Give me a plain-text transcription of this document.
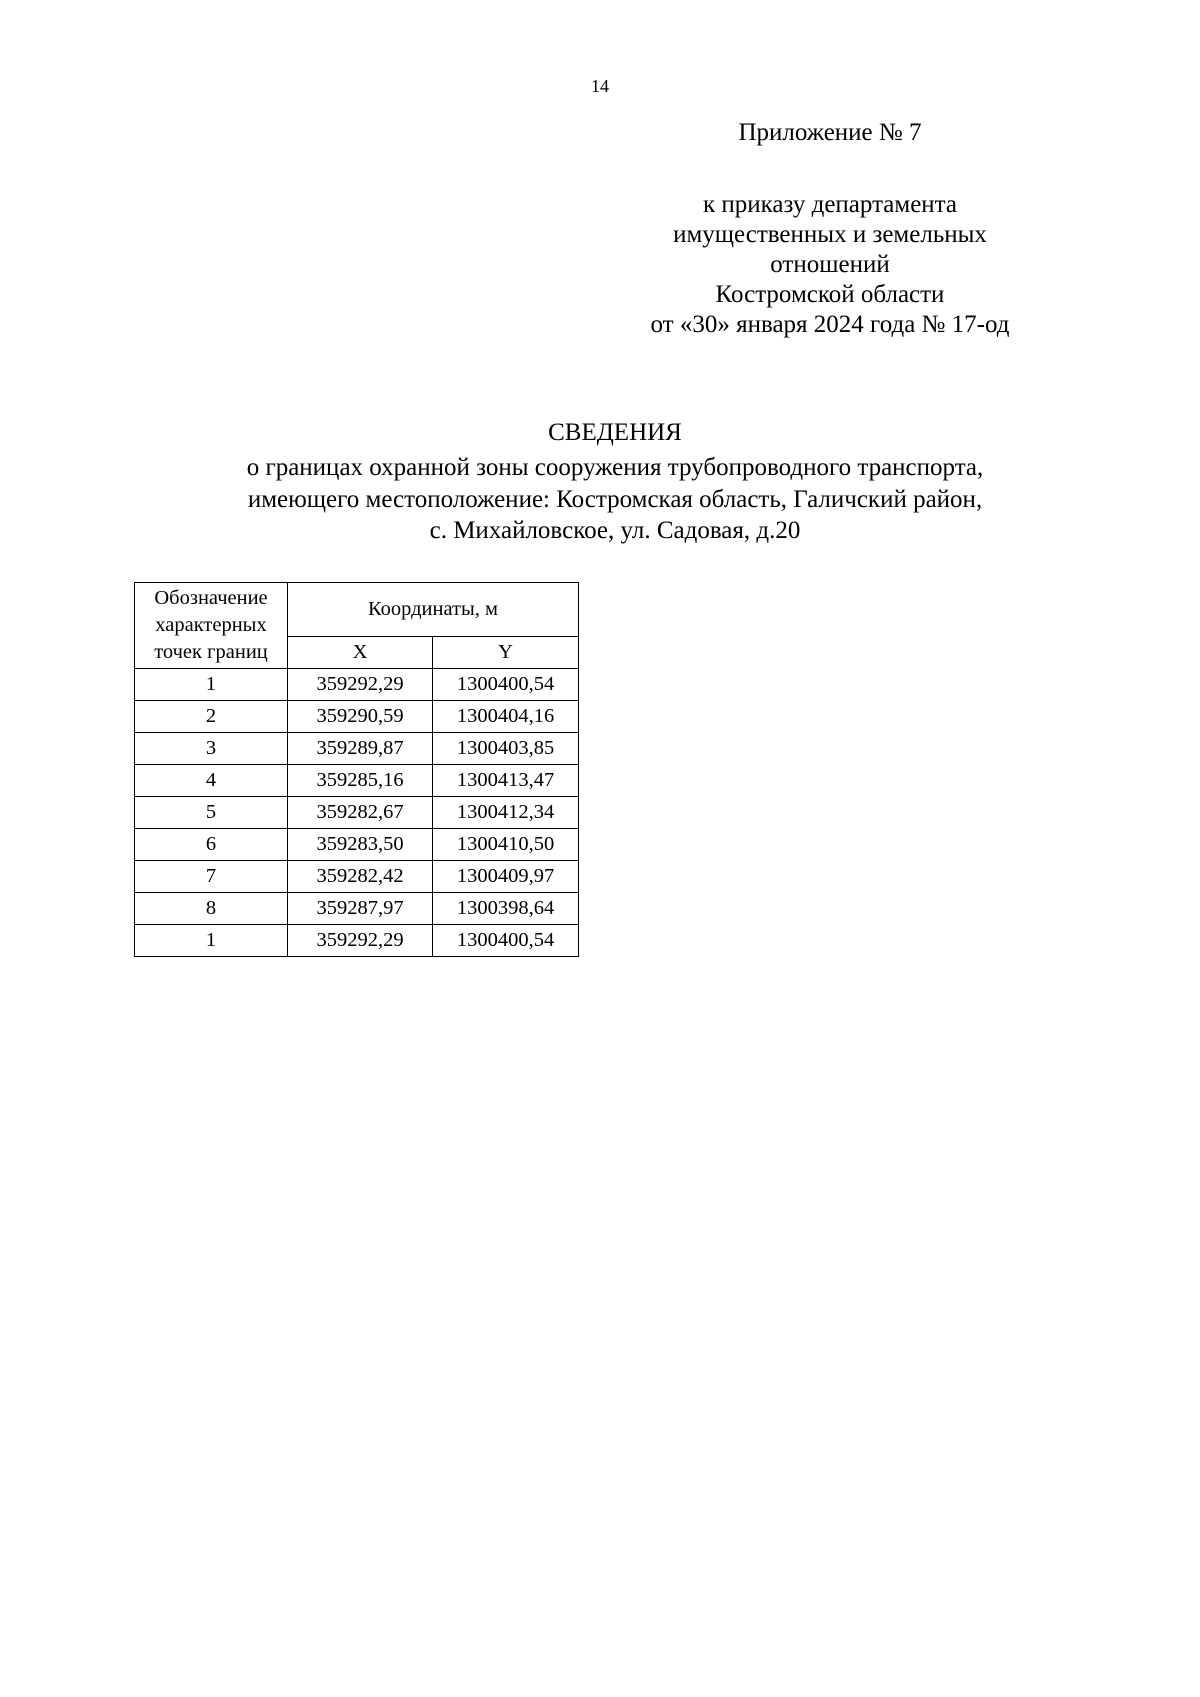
14
Приложение № 7
к приказу департамента
имущественных и земельных
отношений
Костромской области
от «30» января 2024 года № 17-од
СВЕДЕНИЯ
о границах охранной зоны сооружения трубопроводного транспорта,
имеющего местоположение: Костромская область, Галичский район,
с. Михайловское, ул. Садовая, д.20
Обозначение
характерных
точек границ	Координаты, м	
	X	Y
1	359292,29	1300400,54
2	359290,59	1300404,16
3	359289,87	1300403,85
4	359285,16	1300413,47
5	359282,67	1300412,34
6	359283,50	1300410,50
7	359282,42	1300409,97
8	359287,97	1300398,64
1	359292,29	1300400,54
